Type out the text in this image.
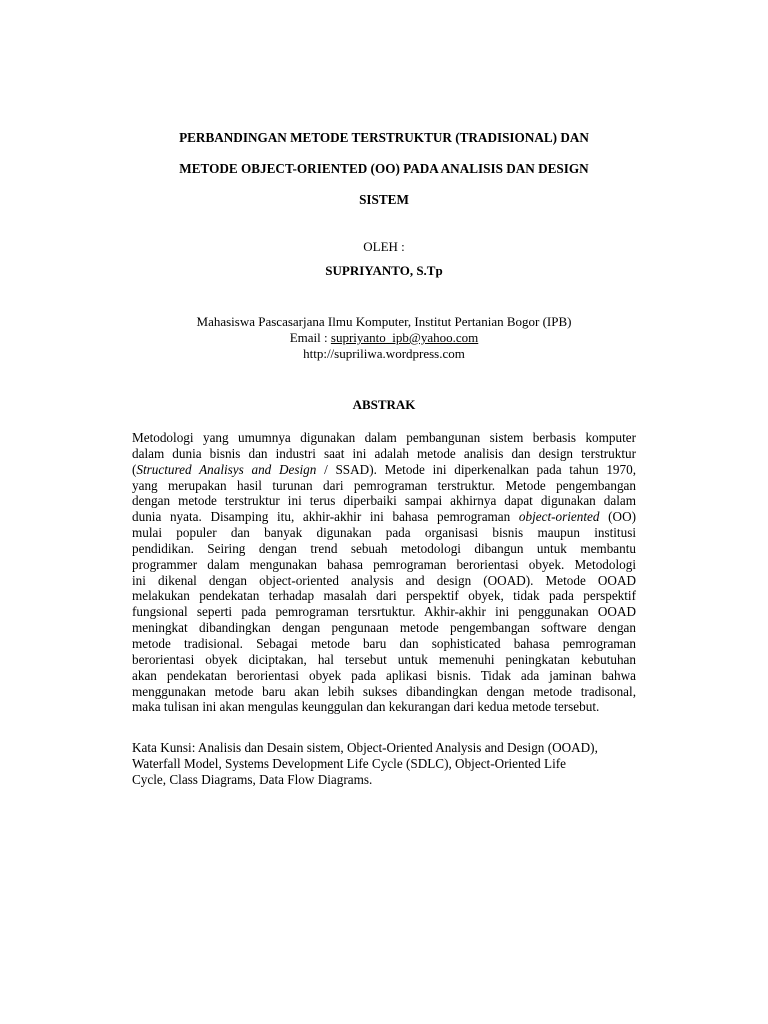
PERBANDINGAN METODE TERSTRUKTUR (TRADISIONAL) DAN
METODE OBJECT-ORIENTED (OO) PADA ANALISIS DAN DESIGN
SISTEM
OLEH :
SUPRIYANTO, S.Tp
Mahasiswa Pascasarjana Ilmu Komputer, Institut Pertanian Bogor (IPB)
Email : supriyanto_ipb@yahoo.com
http://supriliwa.wordpress.com
ABSTRAK
Metodologi yang umumnya digunakan dalam pembangunan sistem berbasis komputer
dalam dunia bisnis dan industri saat ini adalah metode analisis dan design terstruktur
(Structured Analisys and Design / SSAD). Metode ini diperkenalkan pada tahun 1970,
yang merupakan hasil turunan dari pemrograman terstruktur. Metode pengembangan
dengan metode terstruktur ini terus diperbaiki sampai akhirnya dapat digunakan dalam
dunia nyata. Disamping itu, akhir-akhir ini bahasa pemrograman object-oriented (OO)
mulai populer dan banyak digunakan pada organisasi bisnis maupun institusi
pendidikan. Seiring dengan trend sebuah metodologi dibangun untuk membantu
programmer dalam mengunakan bahasa pemrograman berorientasi obyek. Metodologi
ini dikenal dengan object-oriented analysis and design (OOAD). Metode OOAD
melakukan pendekatan terhadap masalah dari perspektif obyek, tidak pada perspektif
fungsional seperti pada pemrograman tersrtuktur. Akhir-akhir ini penggunakan OOAD
meningkat dibandingkan dengan pengunaan metode pengembangan software dengan
metode tradisional. Sebagai metode baru dan sophisticated bahasa pemrograman
berorientasi obyek diciptakan, hal tersebut untuk memenuhi peningkatan kebutuhan
akan pendekatan berorientasi obyek pada aplikasi bisnis. Tidak ada jaminan bahwa
menggunakan metode baru akan lebih sukses dibandingkan dengan metode tradisonal,
maka tulisan ini akan mengulas keunggulan dan kekurangan dari kedua metode tersebut.
Kata Kunsi: Analisis dan Desain sistem, Object-Oriented Analysis and Design (OOAD),
Waterfall Model, Systems Development Life Cycle (SDLC), Object-Oriented Life
Cycle, Class Diagrams, Data Flow Diagrams.
